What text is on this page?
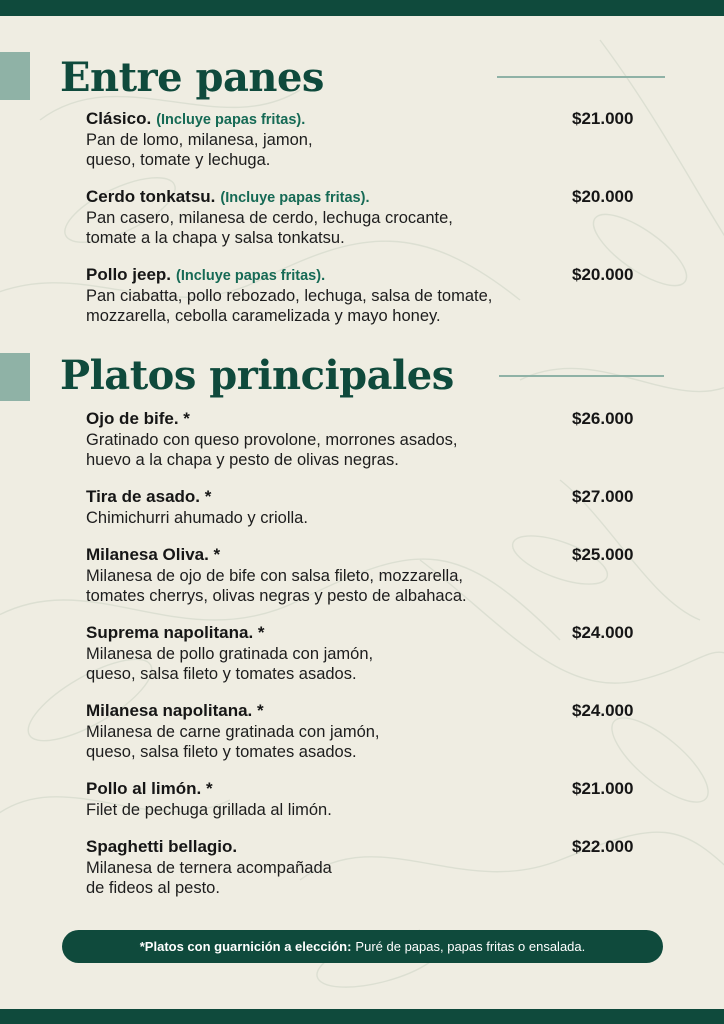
Entre panes
Clásico. (Incluye papas fritas).	$21.000
Pan de lomo, milanesa, jamon,
queso, tomate y lechuga.
Cerdo tonkatsu. (Incluye papas fritas).	$20.000
Pan casero, milanesa de cerdo, lechuga crocante,
tomate a la chapa y salsa tonkatsu.
Pollo jeep. (Incluye papas fritas).	$20.000
Pan ciabatta, pollo rebozado, lechuga, salsa de tomate,
mozzarella, cebolla caramelizada y mayo honey.
Platos principales
Ojo de bife. *	$26.000
Gratinado con queso provolone, morrones asados,
huevo a la chapa y pesto de olivas negras.
Tira de asado. *	$27.000
Chimichurri ahumado y criolla.
Milanesa Oliva. *	$25.000
Milanesa de ojo de bife con salsa fileto, mozzarella,
tomates cherrys, olivas negras y pesto de albahaca.
Suprema napolitana. *	$24.000
Milanesa de pollo gratinada con jamón,
queso, salsa fileto y tomates asados.
Milanesa napolitana. *	$24.000
Milanesa de carne gratinada con jamón,
queso, salsa fileto y tomates asados.
Pollo al limón. *	$21.000
Filet de pechuga grillada al limón.
Spaghetti bellagio.	$22.000
Milanesa de ternera acompañada
de fideos al pesto.
*Platos con guarnición a elección: Puré de papas, papas fritas o ensalada.
